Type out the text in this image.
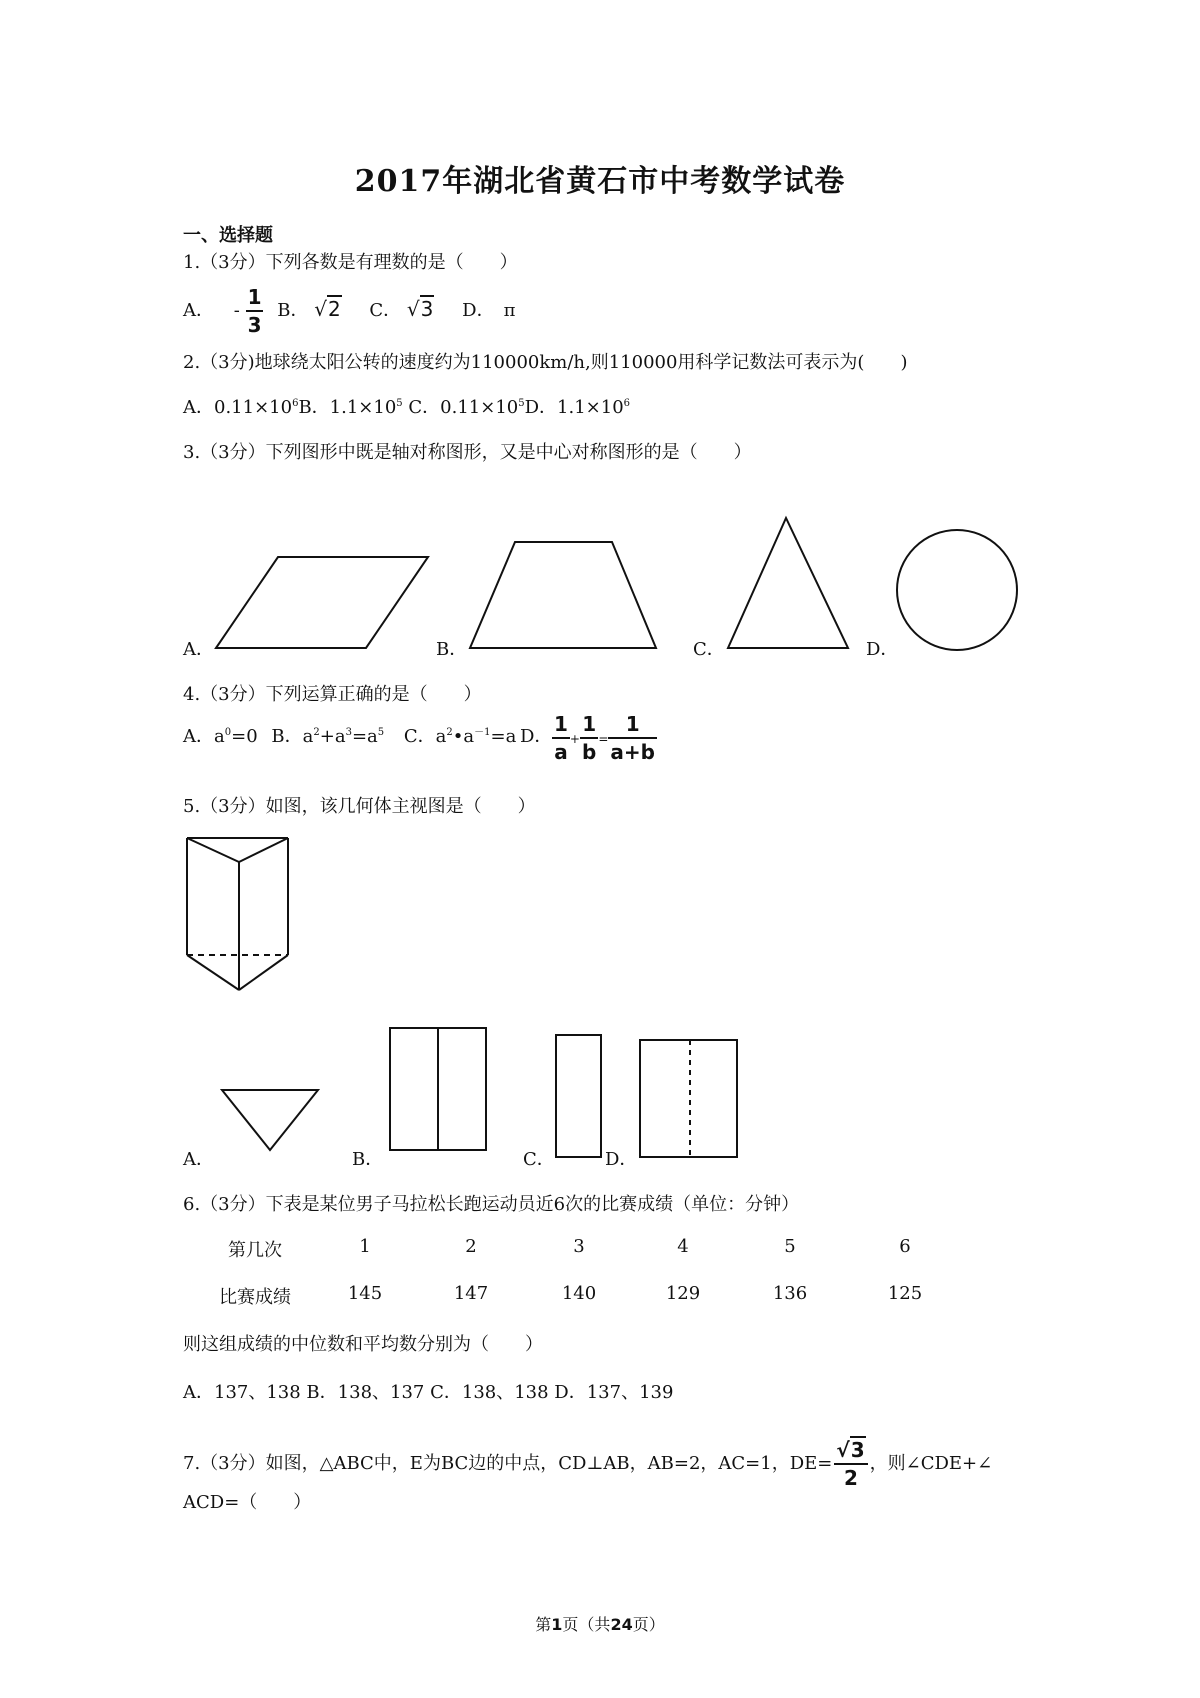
2017年湖北省黄石市中考数学试卷
一、选择题
1.（3分）下列各数是有理数的是（　　）
A． - $\frac{1}{3}$ B． √2 C． √3 D．　π
2.（3分)地球绕太阳公转的速度约为110000km/h,则110000用科学记数法可表示为(　　)
A．$0.11\times 10^6B$．$1.1\times 10^5$ C．$0.11\times 10^5D$．$1.1\times 10^6$
3.（3分）下列图形中既是轴对称图形，又是中心对称图形的是（　　）
A．	B．	C．	D．
4.（3分）下列运算正确的是（　　）
A．$a^0=0$ B．$a^2+a^3=a^5$ C．$a^2•a^{-1}=a$ D． $\frac{1}{a} + \frac{1}{b} = \frac{1}{a+b}$
5.（3分）如图，该几何体主视图是（　　）
A．	B．	C．	D．
6.（3分）下表是某位男子马拉松长跑运动员近6次的比赛成绩（单位：分钟）
第几次	1	2	3	4	5	6
比赛成绩	145	147	140	129	136	125
则这组成绩的中位数和平均数分别为（　　）
A．137、138 B．138、137 C．138、138 D．137、139
7.（3分）如图，△ABC中，E为BC边的中点，CD⊥AB，AB=2，AC=1，$DE= \frac{√3}{2}$ ，则∠CDE+∠
ACD=（　　）
第1页（共24页）
